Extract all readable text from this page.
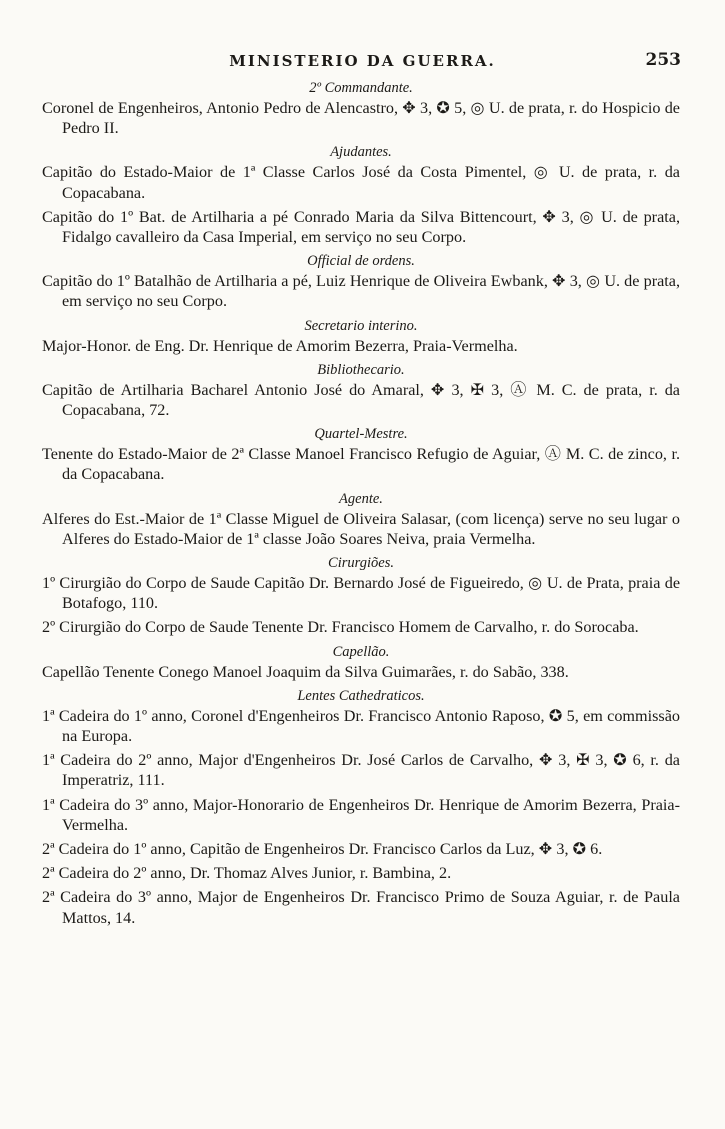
MINISTERIO DA GUERRA.	253
2º Commandante.

Coronel de Engenheiros, Antonio Pedro de Alencastro, ✥ 3, ✪ 5, ◎ U. de prata, r. do Hospicio de Pedro II.

Ajudantes.

Capitão do Estado-Maior de 1ª Classe Carlos José da Costa Pimentel, ◎ U. de prata, r. da Copacabana.

Capitão do 1º Bat. de Artilharia a pé Conrado Maria da Silva Bittencourt, ✥ 3, ◎ U. de prata, Fidalgo cavalleiro da Casa Imperial, em serviço no seu Corpo.

Official de ordens.

Capitão do 1º Batalhão de Artilharia a pé, Luiz Henrique de Oliveira Ewbank, ✥ 3, ◎ U. de prata, em serviço no seu Corpo.

Secretario interino.

Major-Honor. de Eng. Dr. Henrique de Amorim Bezerra, Praia-Vermelha.

Bibliothecario.

Capitão de Artilharia Bacharel Antonio José do Amaral, ✥ 3, ✠ 3, Ⓐ M. C. de prata, r. da Copacabana, 72.

Quartel-Mestre.

Tenente do Estado-Maior de 2ª Classe Manoel Francisco Refugio de Aguiar, Ⓐ M. C. de zinco, r. da Copacabana.

Agente.

Alferes do Est.-Maior de 1ª Classe Miguel de Oliveira Salasar, (com licença) serve no seu lugar o Alferes do Estado-Maior de 1ª classe João Soares Neiva, praia Vermelha.

Cirurgiões.

1º Cirurgião do Corpo de Saude Capitão Dr. Bernardo José de Figueiredo, ◎ U. de Prata, praia de Botafogo, 110.

2º Cirurgião do Corpo de Saude Tenente Dr. Francisco Homem de Carvalho, r. do Sorocaba.

Capellão.

Capellão Tenente Conego Manoel Joaquim da Silva Guimarães, r. do Sabão, 338.

Lentes Cathedraticos.

1ª Cadeira do 1º anno, Coronel d'Engenheiros Dr. Francisco Antonio Raposo, ✪ 5, em commissão na Europa.

1ª Cadeira do 2º anno, Major d'Engenheiros Dr. José Carlos de Carvalho, ✥ 3, ✠ 3, ✪ 6, r. da Imperatriz, 111.

1ª Cadeira do 3º anno, Major-Honorario de Engenheiros Dr. Henrique de Amorim Bezerra, Praia-Vermelha.

2ª Cadeira do 1º anno, Capitão de Engenheiros Dr. Francisco Carlos da Luz, ✥ 3, ✪ 6.

2ª Cadeira do 2º anno, Dr. Thomaz Alves Junior, r. Bambina, 2.

2ª Cadeira do 3º anno, Major de Engenheiros Dr. Francisco Primo de Souza Aguiar, r. de Paula Mattos, 14.
